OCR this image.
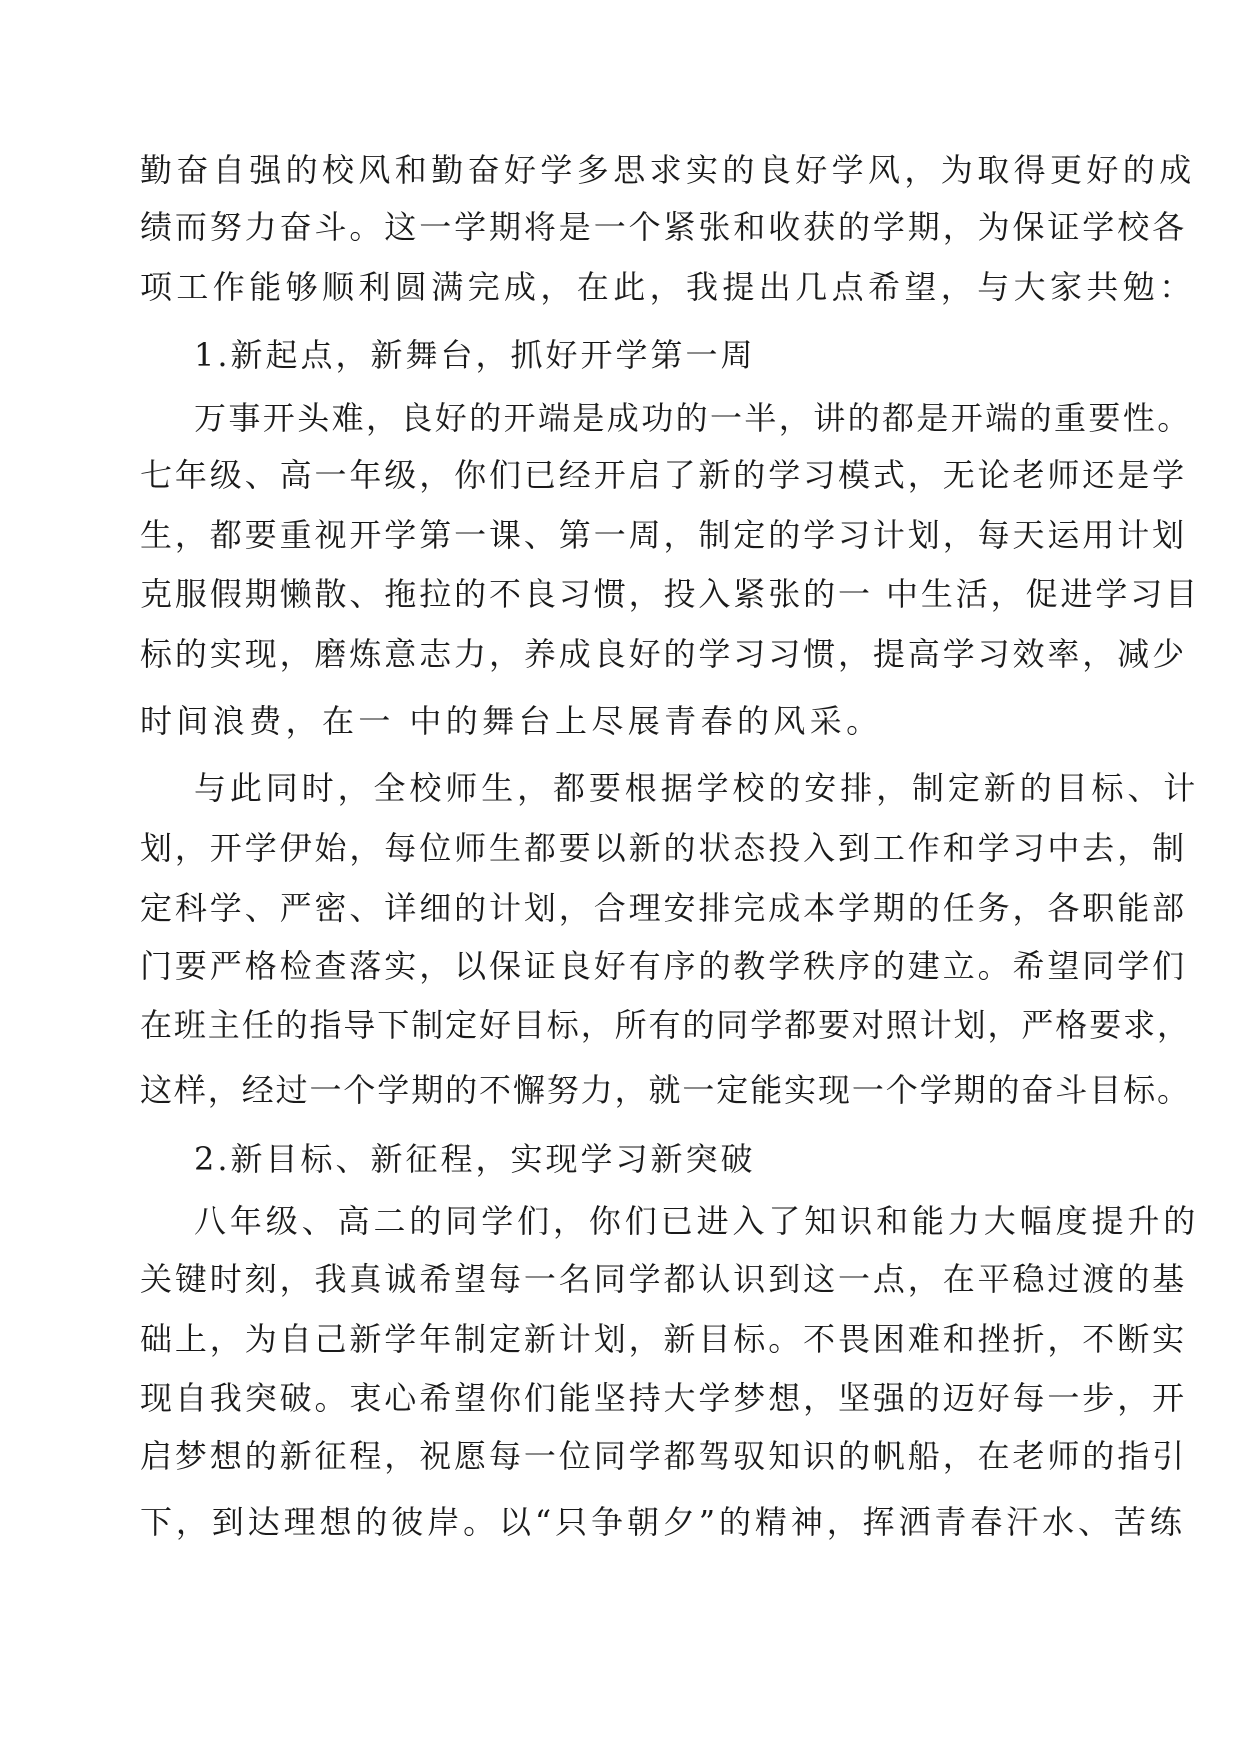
勤奋自强的校风和勤奋好学多思求实的良好学风，为取得更好的成
绩而努力奋斗。这一学期将是一个紧张和收获的学期，为保证学校各
项工作能够顺利圆满完成，在此，我提出几点希望，与大家共勉：
1.新起点，新舞台，抓好开学第一周
万事开头难，良好的开端是成功的一半，讲的都是开端的重要性。
七年级、高一年级，你们已经开启了新的学习模式，无论老师还是学
生，都要重视开学第一课、第一周，制定的学习计划，每天运用计划
克服假期懒散、拖拉的不良习惯，投入紧张的一 中生活，促进学习目
标的实现，磨炼意志力，养成良好的学习习惯，提高学习效率，减少
时间浪费，在一 中的舞台上尽展青春的风采。
与此同时，全校师生，都要根据学校的安排，制定新的目标、计
划，开学伊始，每位师生都要以新的状态投入到工作和学习中去，制
定科学、严密、详细的计划，合理安排完成本学期的任务，各职能部
门要严格检查落实，以保证良好有序的教学秩序的建立。希望同学们
在班主任的指导下制定好目标，所有的同学都要对照计划，严格要求，
这样，经过一个学期的不懈努力，就一定能实现一个学期的奋斗目标。
2.新目标、新征程，实现学习新突破
八年级、高二的同学们，你们已进入了知识和能力大幅度提升的
关键时刻，我真诚希望每一名同学都认识到这一点，在平稳过渡的基
础上，为自己新学年制定新计划，新目标。不畏困难和挫折，不断实
现自我突破。衷心希望你们能坚持大学梦想，坚强的迈好每一步，开
启梦想的新征程，祝愿每一位同学都驾驭知识的帆船，在老师的指引
下，到达理想的彼岸。以“只争朝夕”的精神，挥洒青春汗水、苦练
